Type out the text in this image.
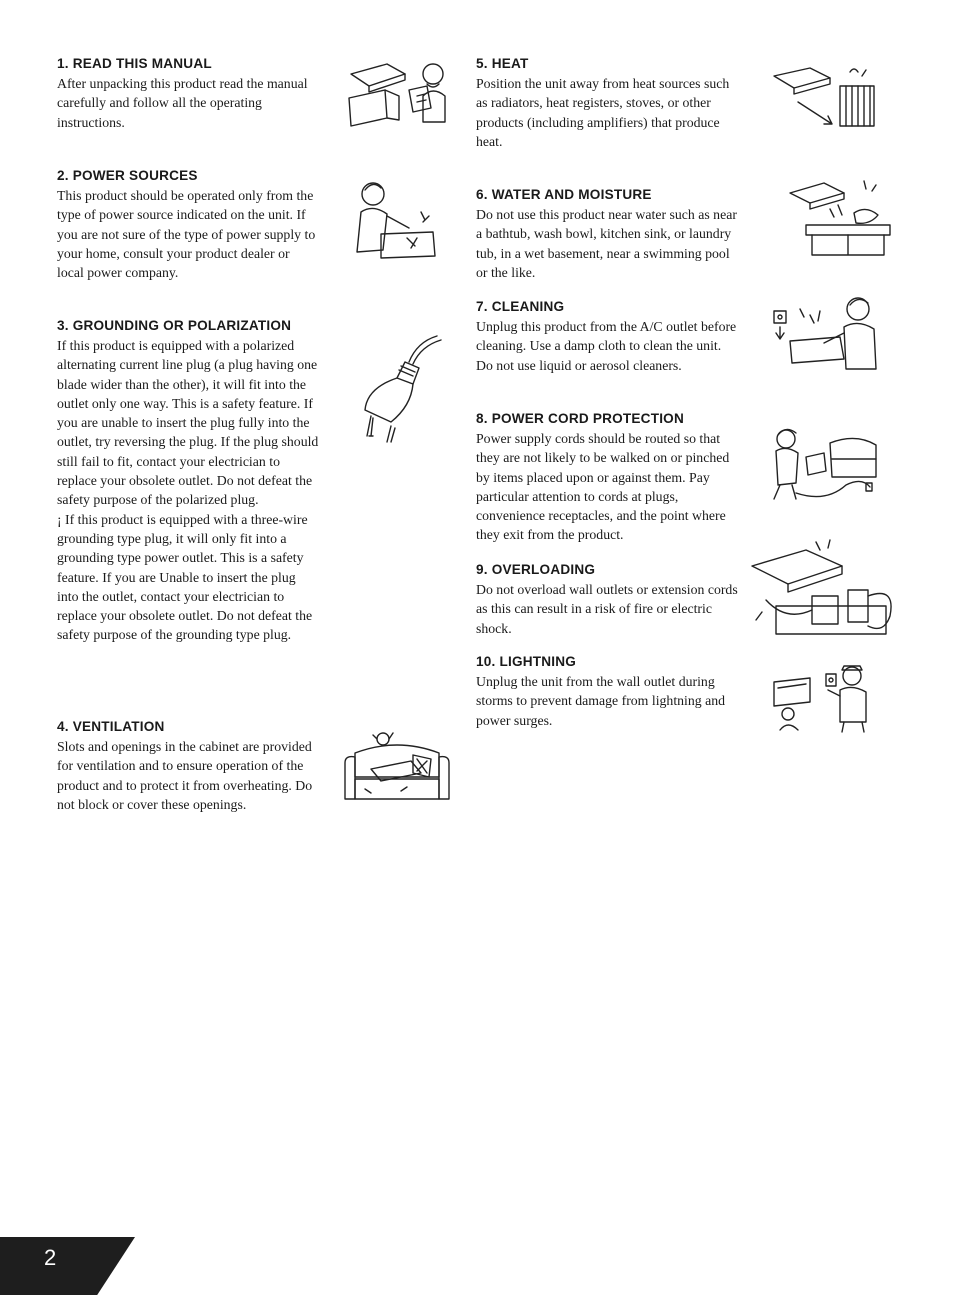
1. READ THIS MANUAL

After unpacking this product read the manual carefully and follow all the operating instructions.

2. POWER SOURCES

This product should be operated only from the type of power source indicated on the unit. If you are not sure of the type of power supply to your home, consult your product dealer or local power company.

3. GROUNDING OR POLARIZATION

If this product is equipped with a polarized alternating current line plug (a plug having one blade wider than the other), it will fit into the outlet only one way. This is a safety feature. If you are unable to insert the plug fully into the outlet, try reversing the plug. If the plug should still fail to fit, contact your electrician to replace your obsolete outlet. Do not defeat the safety purpose of the polarized plug.

¡ If this product is equipped with a three-wire grounding type plug, it will only fit into a grounding type power outlet. This is a safety feature. If you are Unable to insert the plug into the outlet, contact your electrician to replace your obsolete outlet. Do not defeat the safety purpose of the grounding type plug.

4. VENTILATION

Slots and openings in the cabinet are provided for ventilation and to ensure operation of the product and to protect it from overheating. Do not block or cover these openings.

5. HEAT

Position the unit away from heat sources such as radiators, heat registers, stoves, or other products (including amplifiers) that produce

heat.

6. WATER AND MOISTURE

Do not use this product near water such as near a bathtub, wash bowl, kitchen sink, or laundry tub, in a wet basement, near a swimming pool or the like.

7. CLEANING

Unplug this product from the A/C outlet before cleaning. Use a damp cloth to clean the unit. Do not use liquid or aerosol cleaners.

8. POWER CORD PROTECTION

Power supply cords should be routed so that they are not likely to be walked on or pinched by items placed upon or against them. Pay particular attention to cords at plugs, convenience receptacles, and the point where they exit from the product.

9. OVERLOADING

Do not overload wall outlets or extension cords as this can result in a risk of fire or electric shock.

10. LIGHTNING

Unplug the unit from the wall outlet during storms to prevent damage from lightning and power surges.

2
